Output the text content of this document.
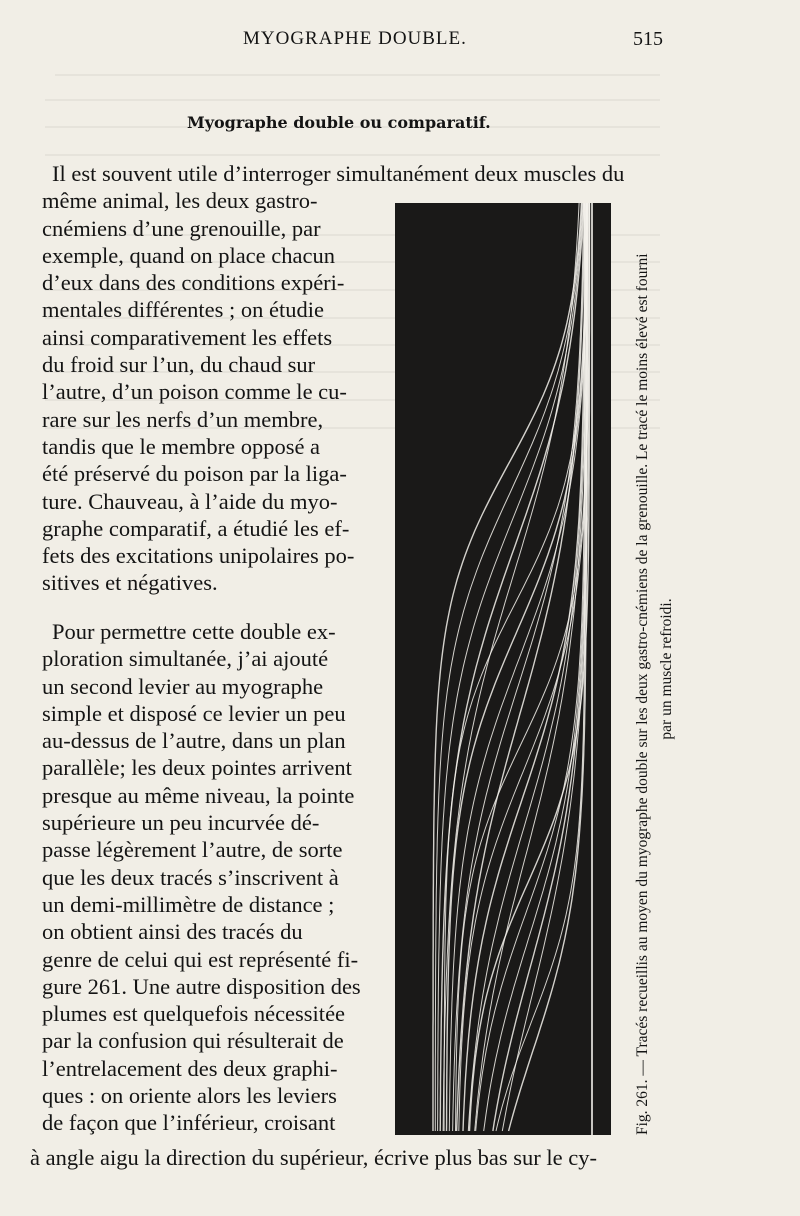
MYOGRAPHE DOUBLE.	515
Myographe double ou comparatif.
Il est souvent utile d’interroger simultanément deux muscles du
même animal, les deux gastro-
cnémiens d’une grenouille, par
exemple, quand on place chacun
d’eux dans des conditions expéri-
mentales différentes ; on étudie
ainsi comparativement les effets
du froid sur l’un, du chaud sur
l’autre, d’un poison comme le cu-
rare sur les nerfs d’un membre,
tandis que le membre opposé a
été préservé du poison par la liga-
ture. Chauveau, à l’aide du myo-
graphe comparatif, a étudié les ef-
fets des excitations unipolaires po-
sitives et négatives.
Pour permettre cette double ex-
ploration simultanée, j’ai ajouté
un second levier au myographe
simple et disposé ce levier un peu
au-dessus de l’autre, dans un plan
parallèle; les deux pointes arrivent
presque au même niveau, la pointe
supérieure un peu incurvée dé-
passe légèrement l’autre, de sorte
que les deux tracés s’inscrivent à
un demi-millimètre de distance ;
on obtient ainsi des tracés du
genre de celui qui est représenté fi-
gure 261. Une autre disposition des
plumes est quelquefois nécessitée
par la confusion qui résulterait de
l’entrelacement des deux graphi-
ques : on oriente alors les leviers
de façon que l’inférieur, croisant	Fig. 261. — Tracés recueillis au moyen du myographe double sur les deux gastro-cnémiens de la grenouille. Le tracé le moins élevé est fourni par un muscle refroidi.
à angle aigu la direction du supérieur, écrive plus bas sur le cy-
